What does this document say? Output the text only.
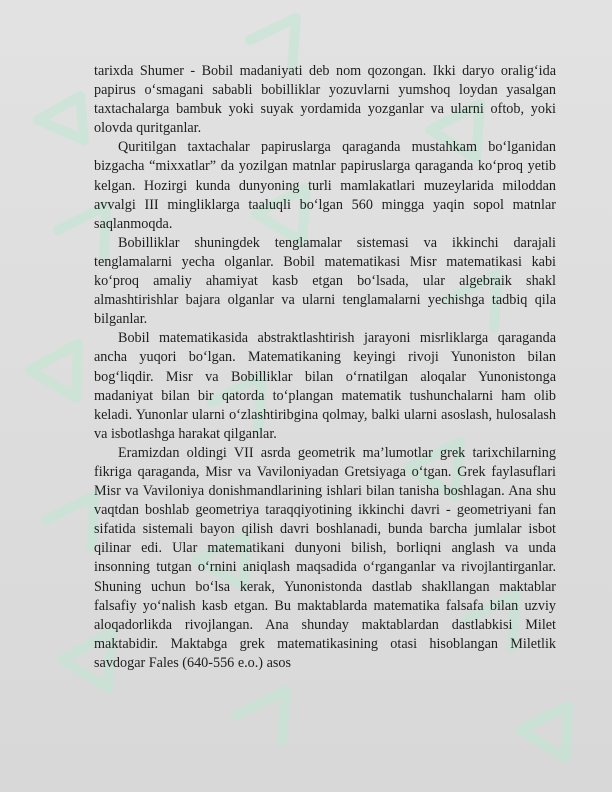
tarixda Shumer - Bobil madaniyati deb nom qozongan. Ikki daryo oralig‘ida papirus o‘smagani sababli bobilliklar yozuvlarni yumshoq loydan yasalgan taxtachalarga bambuk yoki suyak yordamida yozganlar va ularni oftob, yoki olovda quritganlar.

Quritilgan taxtachalar papiruslarga qaraganda mustahkam bo‘lganidan bizgacha “mixxatlar” da yozilgan matnlar papiruslarga qaraganda ko‘proq yetib kelgan. Hozirgi kunda dunyoning turli mamlakatlari muzeylarida miloddan avvalgi III mingliklarga taaluqli bo‘lgan 560 mingga yaqin sopol matnlar saqlanmoqda.

Bobilliklar shuningdek tenglamalar sistemasi va ikkinchi darajali tenglamalarni yecha olganlar. Bobil matematikasi Misr matematikasi kabi ko‘proq amaliy ahamiyat kasb etgan bo‘lsada, ular algebraik shakl almashtirishlar bajara olganlar va ularni tenglamalarni yechishga tadbiq qila bilganlar.

Bobil matematikasida abstraktlashtirish jarayoni misrliklarga qaraganda ancha yuqori bo‘lgan. Matematikaning keyingi rivoji Yunoniston bilan bog‘liqdir. Misr va Bobilliklar bilan o‘rnatilgan aloqalar Yunonistonga madaniyat bilan bir qatorda to‘plangan matematik tushunchalarni ham olib keladi. Yunonlar ularni o‘zlashtiribgina qolmay, balki ularni asoslash, hulosalash va isbotlashga harakat qilganlar.

Eramizdan oldingi VII asrda geometrik ma’lumotlar grek tarixchilarning fikriga qaraganda, Misr va Vaviloniyadan Gretsiyaga o‘tgan. Grek faylasuflari Misr va Vaviloniya donishmandlarining ishlari bilan tanisha boshlagan. Ana shu vaqtdan boshlab geometriya taraqqiyotining ikkinchi davri - geometriyani fan sifatida sistemali bayon qilish davri boshlanadi, bunda barcha jumlalar isbot qilinar edi. Ular matematikani dunyoni bilish, borliqni anglash va unda insonning tutgan o‘rnini aniqlash maqsadida o‘rganganlar va rivojlantirganlar. Shuning uchun bo‘lsa kerak, Yunonistonda dastlab shakllangan maktablar falsafiy yo‘nalish kasb etgan. Bu maktablarda matematika falsafa bilan uzviy aloqadorlikda rivojlangan. Ana shunday maktablardan dastlabkisi Milet maktabidir. Maktabga grek matematikasining otasi hisoblangan Miletlik savdogar Fales (640-556 e.o.) asos
